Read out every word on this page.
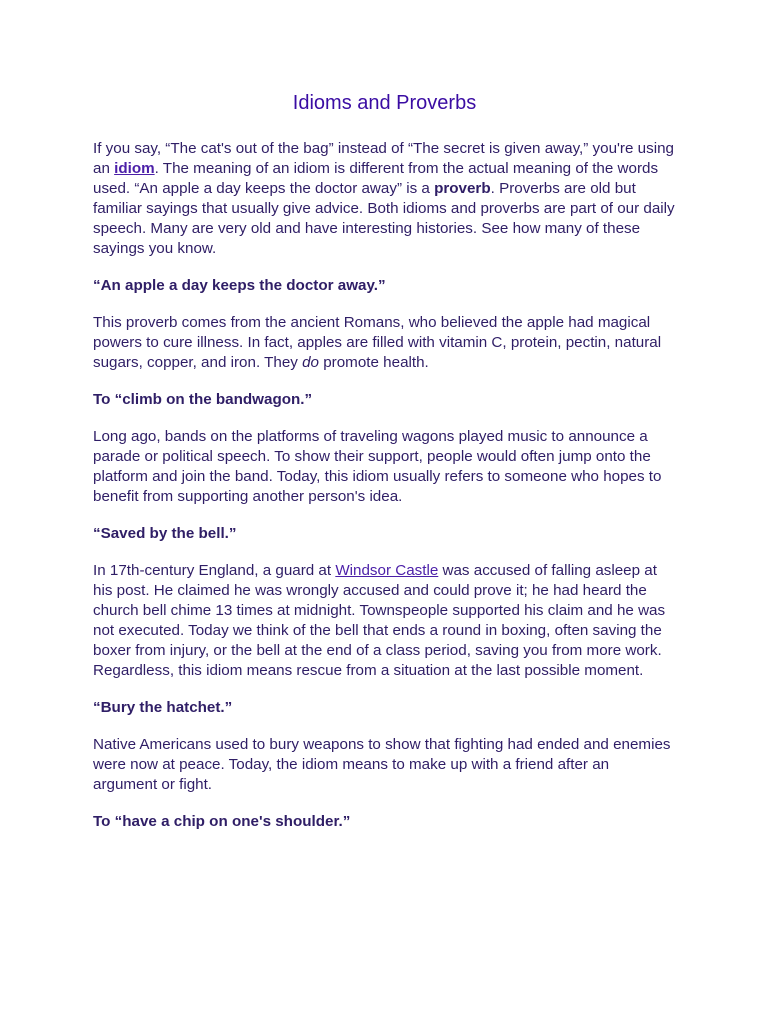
Idioms and Proverbs

If you say, “The cat's out of the bag” instead of “The secret is given away,” you're using an idiom. The meaning of an idiom is different from the actual meaning of the words used. “An apple a day keeps the doctor away” is a proverb. Proverbs are old but familiar sayings that usually give advice. Both idioms and proverbs are part of our daily speech. Many are very old and have interesting histories. See how many of these sayings you know.

“An apple a day keeps the doctor away.”

This proverb comes from the ancient Romans, who believed the apple had magical powers to cure illness. In fact, apples are filled with vitamin C, protein, pectin, natural sugars, copper, and iron. They do promote health.

To “climb on the bandwagon.”

Long ago, bands on the platforms of traveling wagons played music to announce a parade or political speech. To show their support, people would often jump onto the platform and join the band. Today, this idiom usually refers to someone who hopes to benefit from supporting another person's idea.

“Saved by the bell.”

In 17th-century England, a guard at Windsor Castle was accused of falling asleep at his post. He claimed he was wrongly accused and could prove it; he had heard the church bell chime 13 times at midnight. Townspeople supported his claim and he was not executed. Today we think of the bell that ends a round in boxing, often saving the boxer from injury, or the bell at the end of a class period, saving you from more work. Regardless, this idiom means rescue from a situation at the last possible moment.

“Bury the hatchet.”

Native Americans used to bury weapons to show that fighting had ended and enemies were now at peace. Today, the idiom means to make up with a friend after an argument or fight.

To “have a chip on one's shoulder.”
